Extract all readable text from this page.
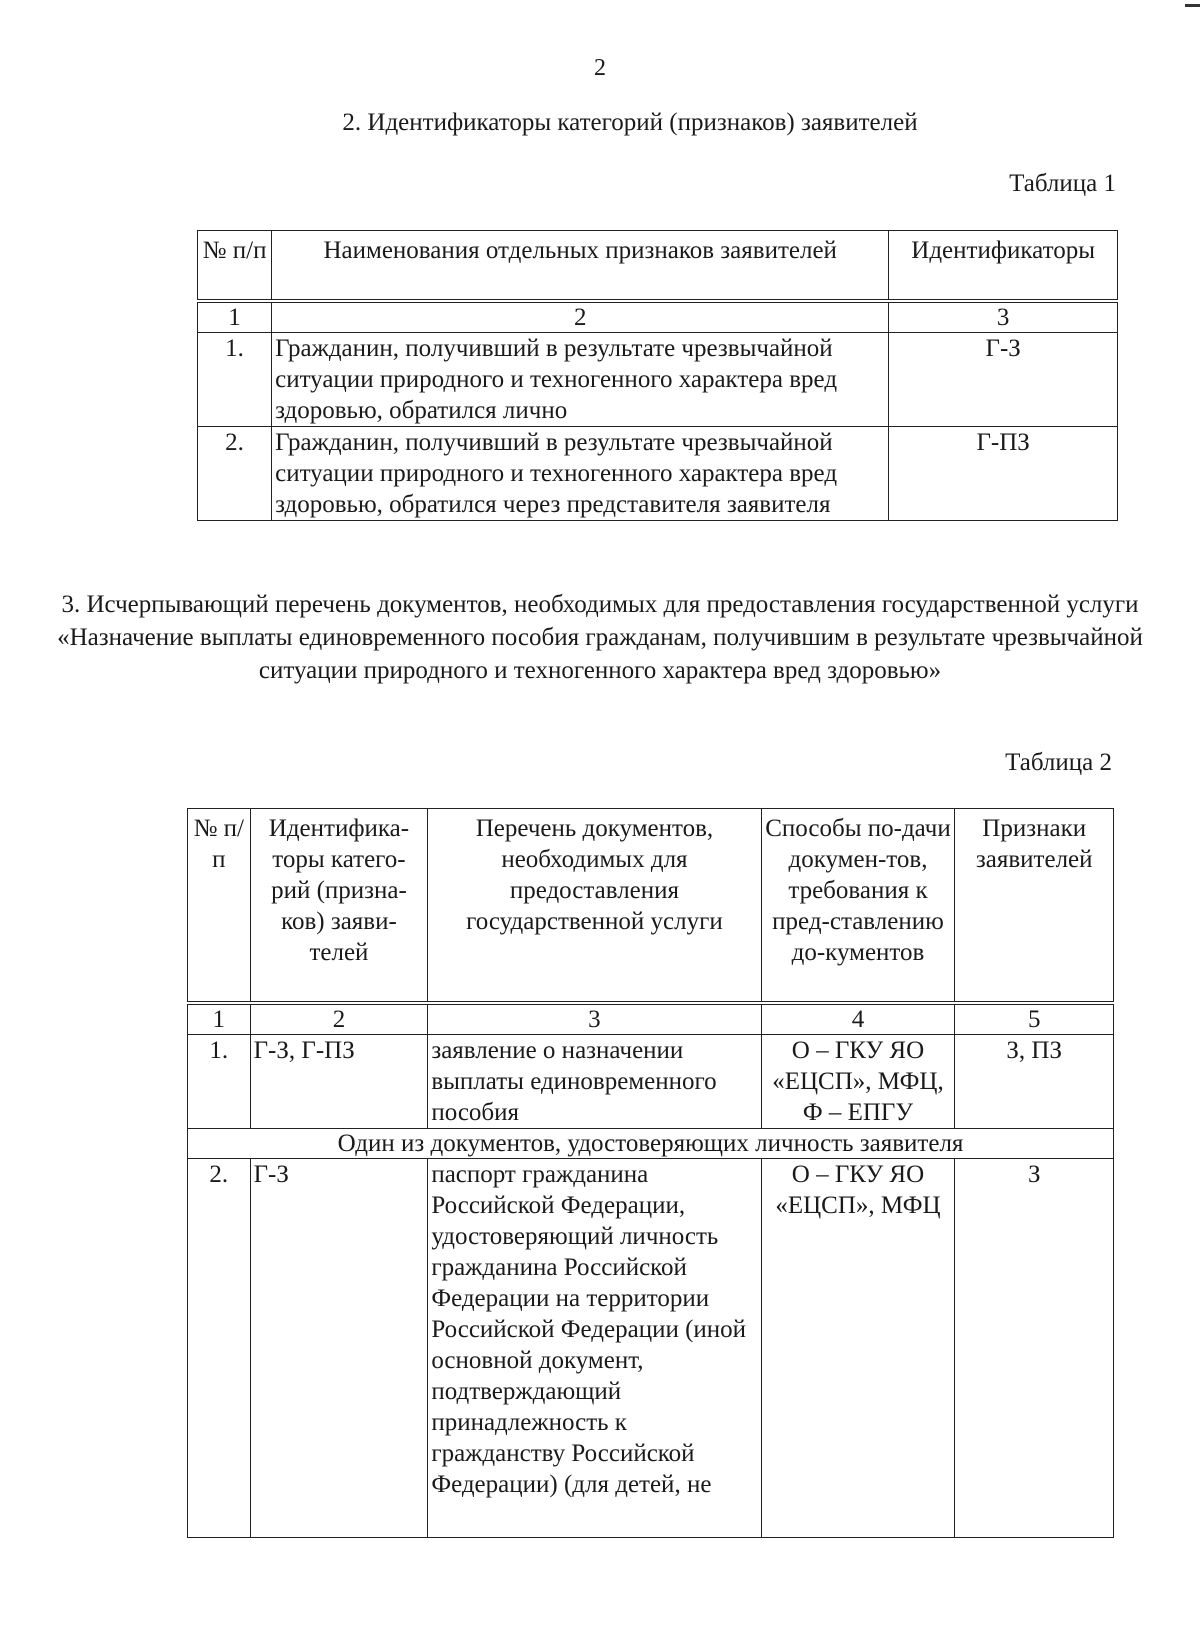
2
2. Идентификаторы категорий (признаков) заявителей
Таблица 1
№ п/п	Наименования отдельных признаков заявителей	Идентификаторы

1	2	3
1.	Гражданин, получивший в результате чрезвычайной ситуации природного и техногенного характера вред здоровью, обратился лично	Г-З
2.	Гражданин, получивший в результате чрезвычайной ситуации природного и техногенного характера вред здоровью, обратился через представителя заявителя	Г-ПЗ
3. Исчерпывающий перечень документов, необходимых для предоставления государственной услуги «Назначение выплаты единовременного пособия гражданам, получившим в результате чрезвычайной ситуации природного и техногенного характера вред здоровью»
Таблица 2
№ п/п	Идентифика-торы катего-рий (призна-ков) заяви-телей	Перечень документов, необходимых для предоставления государственной услуги	Способы по-дачи докумен-тов, требования к пред-ставлению до-кументов	Признаки заявителей

1	2	3	4	5
1.	Г-З, Г-ПЗ	заявление о назначении выплаты единовременного пособия	О – ГКУ ЯО «ЕЦСП», МФЦ, Ф – ЕПГУ	З, ПЗ
Один из документов, удостоверяющих личность заявителя				
2.	Г-З	паспорт гражданина Российской Федерации, удостоверяющий личность гражданина Российской Федерации на территории Российской Федерации (иной основной документ, подтверждающий принадлежность к гражданству Российской Федерации) (для детей, не	О – ГКУ ЯО «ЕЦСП», МФЦ	З
